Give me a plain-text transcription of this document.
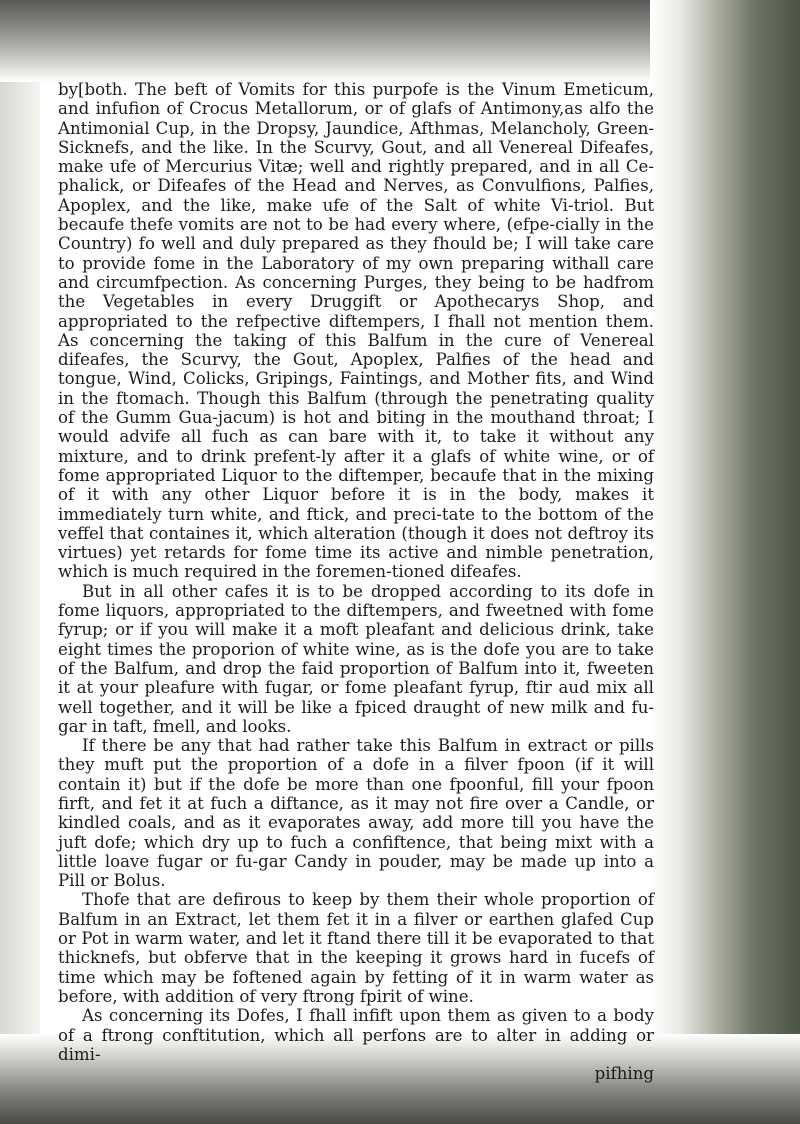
by[both. The beft of Vomits for this purpofe is the Vinum Emeticum, and infufion of Crocus Metallorum, or of glafs of Antimony,as alfo the Antimonial Cup, in the Dropsy, Jaundice, Afthmas, Melancholy, Green-Sicknefs, and the like. In the Scurvy, Gout, and all Venereal Difeafes, make ufe of Mercurius Vitæ; well and rightly prepared, and in all Ce-phalick, or Difeafes of the Head and Nerves, as Convulfions, Palfies, Apoplex, and the like, make ufe of the Salt of white Vi-triol. But becaufe thefe vomits are not to be had every where, (efpe-cially in the Country) fo well and duly prepared as they fhould be; I will take care to provide fome in the Laboratory of my own preparing withall care and circumfpection. As concerning Purges, they being to be hadfrom the Vegetables in every Druggift or Apothecarys Shop, and appropriated to the refpective diftempers, I fhall not mention them. As concerning the taking of this Balfum in the cure of Venereal difeafes, the Scurvy, the Gout, Apoplex, Palfies of the head and tongue, Wind, Colicks, Gripings, Faintings, and Mother fits, and Wind in the ftomach. Though this Balfum (through the penetrating quality of the Gumm Gua-jacum) is hot and biting in the mouthand throat; I would advife all fuch as can bare with it, to take it without any mixture, and to drink prefent-ly after it a glafs of white wine, or of fome appropriated Liquor to the diftemper, becaufe that in the mixing of it with any other Liquor before it is in the body, makes it immediately turn white, and ftick, and preci-tate to the bottom of the veffel that containes it, which alteration (though it does not deftroy its virtues) yet retards for fome time its active and nimble penetration, which is much required in the foremen-tioned difeafes.

But in all other cafes it is to be dropped according to its dofe in fome liquors, appropriated to the diftempers, and fweetned with fome fyrup; or if you will make it a moft pleafant and delicious drink, take eight times the proporion of white wine, as is the dofe you are to take of the Balfum, and drop the faid proportion of Balfum into it, fweeten it at your pleafure with fugar, or fome pleafant fyrup, ftir aud mix all well together, and it will be like a fpiced draught of new milk and fu-gar in taft, fmell, and looks.

If there be any that had rather take this Balfum in extract or pills they muft put the proportion of a dofe in a filver fpoon (if it will contain it) but if the dofe be more than one fpoonful, fill your fpoon firft, and fet it at fuch a diftance, as it may not fire over a Candle, or kindled coals, and as it evaporates away, add more till you have the juft dofe; which dry up to fuch a confiftence, that being mixt with a little loave fugar or fu-gar Candy in pouder, may be made up into a Pill or Bolus.

Thofe that are defirous to keep by them their whole proportion of Balfum in an Extract, let them fet it in a filver or earthen glafed Cup or Pot in warm water, and let it ftand there till it be evaporated to that thicknefs, but obferve that in the keeping it grows hard in fucefs of time which may be foftened again by fetting of it in warm water as before, with addition of very ftrong fpirit of wine.

As concerning its Dofes, I fhall infift upon them as given to a body of a ftrong conftitution, which all perfons are to alter in adding or dimi-

pifhing
